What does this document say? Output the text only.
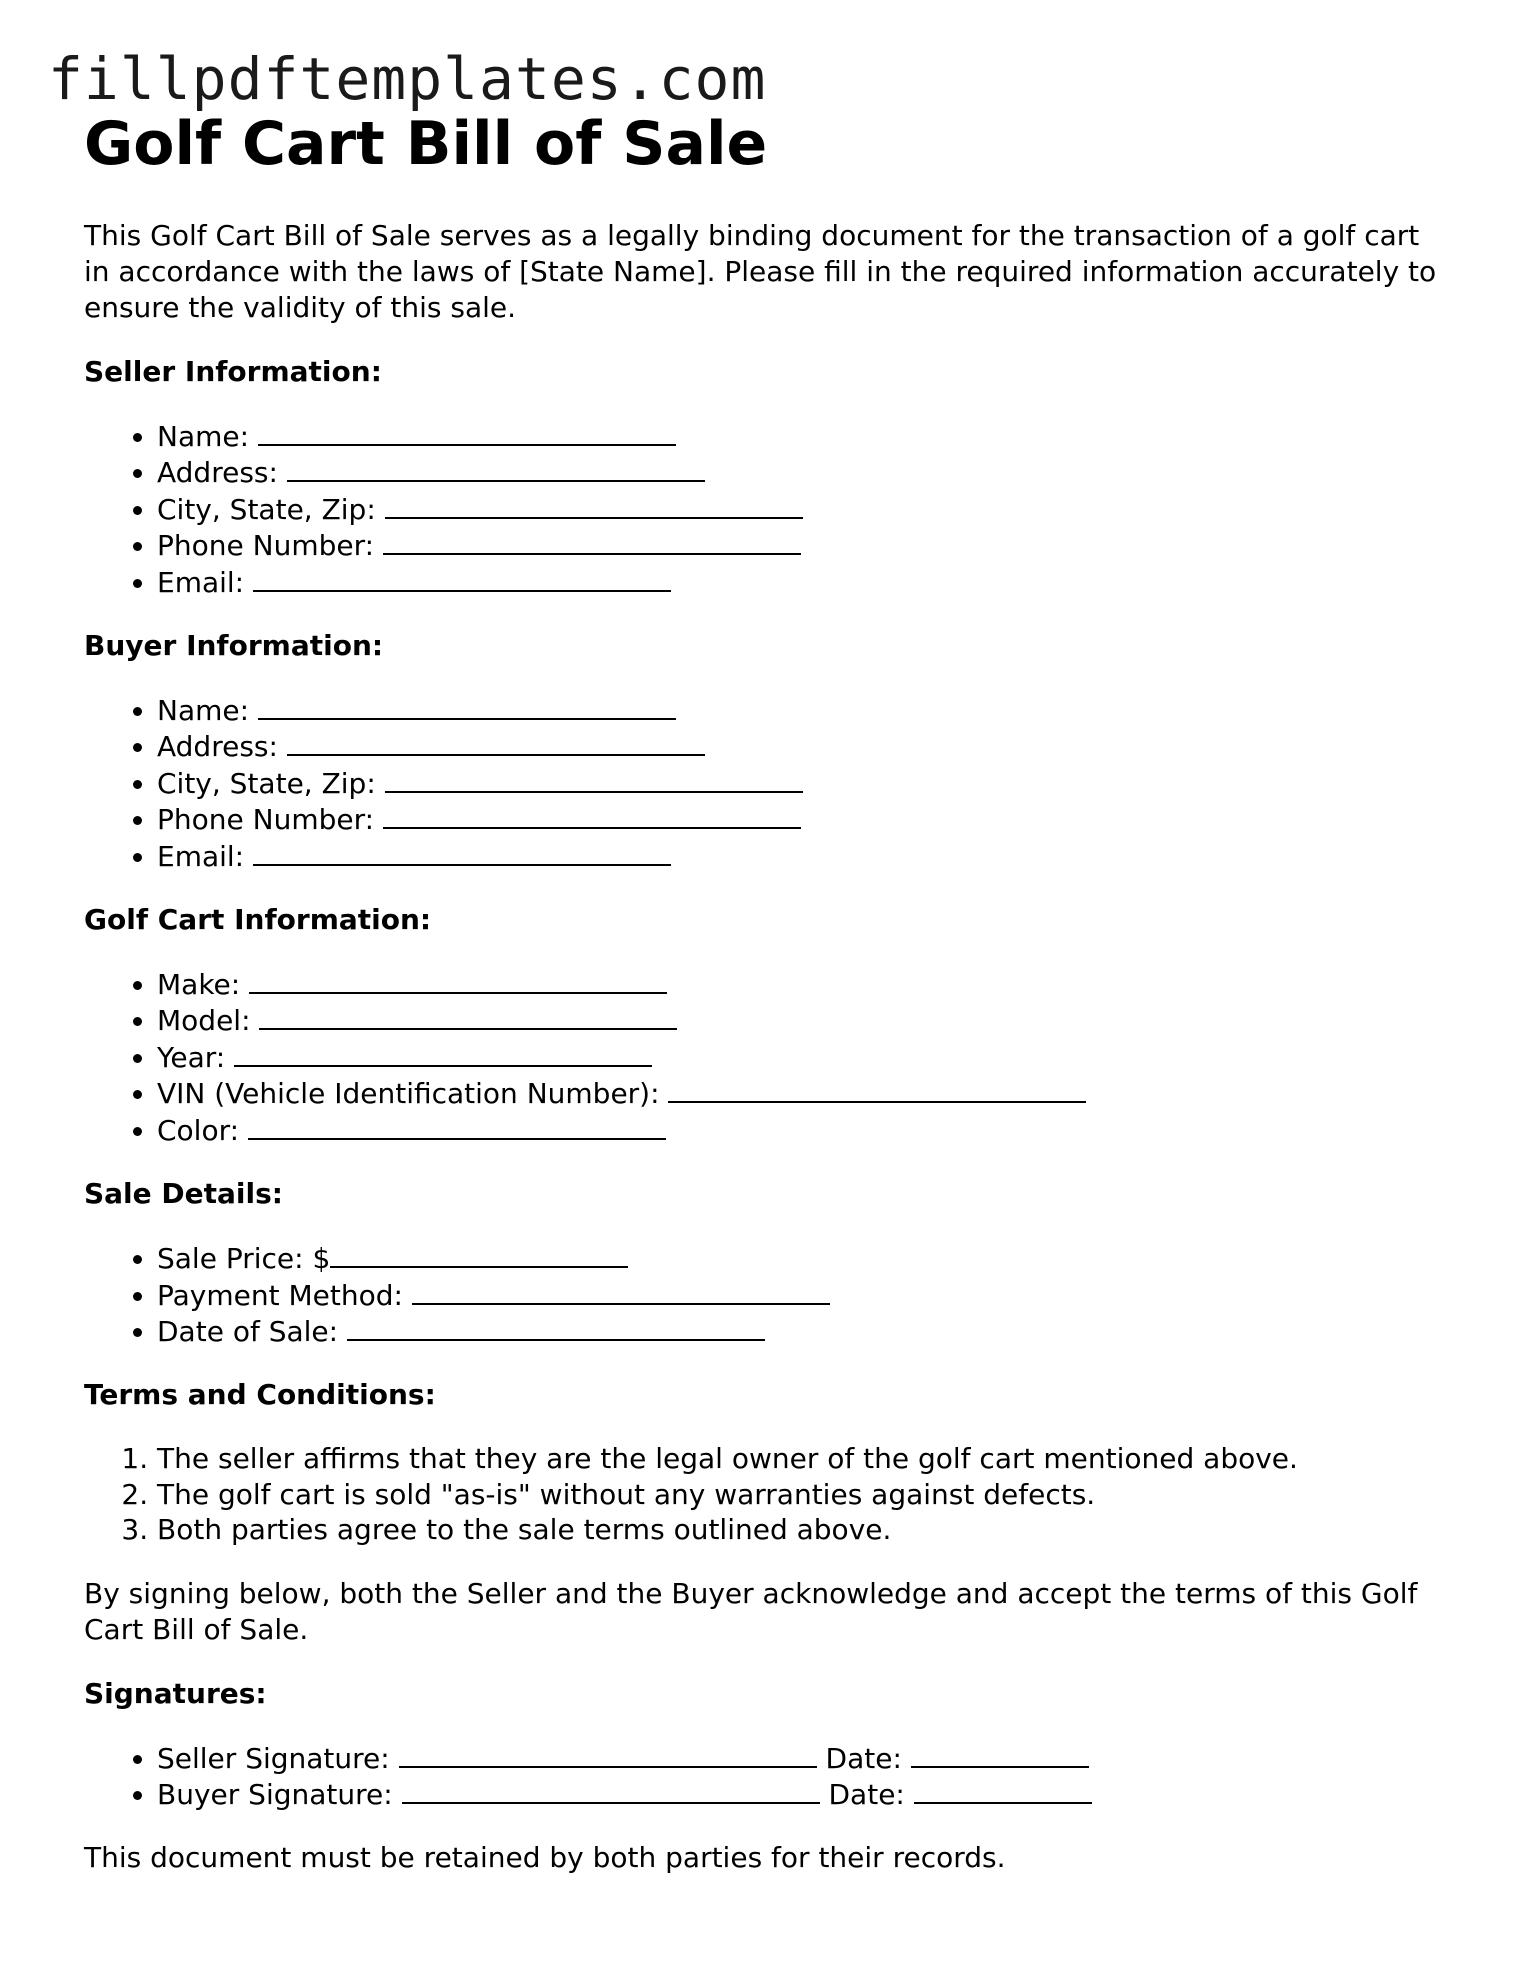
fillpdftemplates.com
Golf Cart Bill of Sale

This Golf Cart Bill of Sale serves as a legally binding document for the transaction of a golf cart in accordance with the laws of [State Name]. Please fill in the required information accurately to ensure the validity of this sale.

Seller Information:
• Name:
• Address:
• City, State, Zip:
• Phone Number:
• Email:
Buyer Information:
• Name:
• Address:
• City, State, Zip:
• Phone Number:
• Email:
Golf Cart Information:
• Make:
• Model:
• Year:
• VIN (Vehicle Identification Number):
• Color:
Sale Details:
• Sale Price: $
• Payment Method:
• Date of Sale:
Terms and Conditions:
1. The seller affirms that they are the legal owner of the golf cart mentioned above.
2. The golf cart is sold "as-is" without any warranties against defects.
3. Both parties agree to the sale terms outlined above.

By signing below, both the Seller and the Buyer acknowledge and accept the terms of this Golf Cart Bill of Sale.

Signatures:
• Seller Signature:	Date:
• Buyer Signature:	Date:

This document must be retained by both parties for their records.
